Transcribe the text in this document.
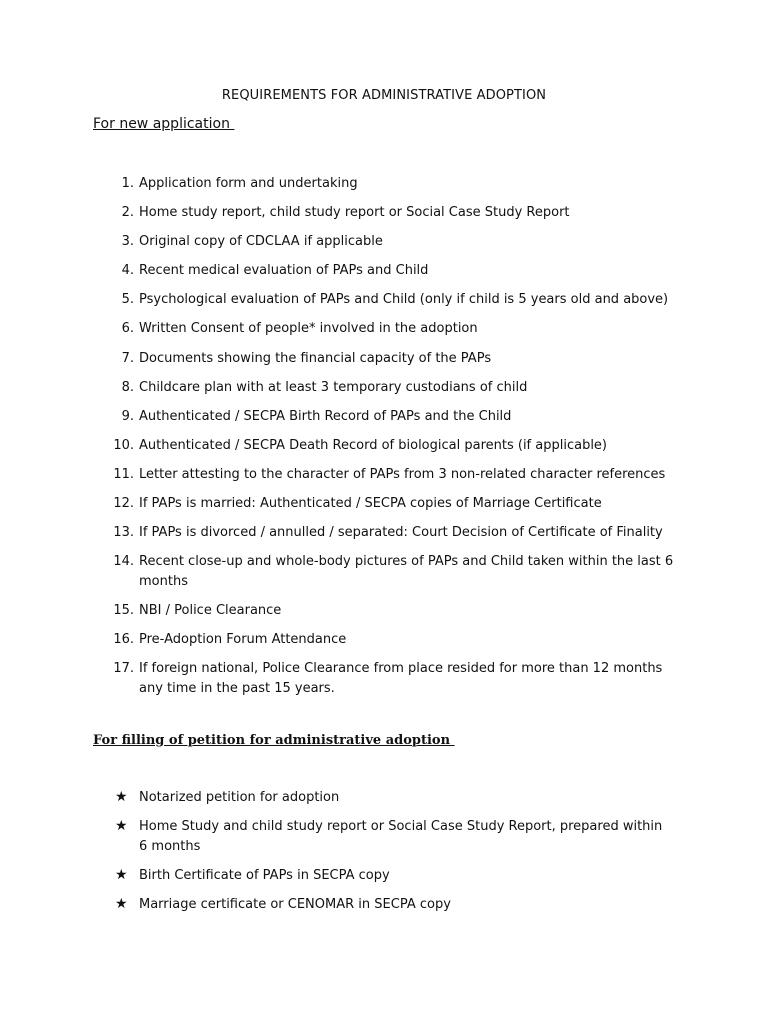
REQUIREMENTS FOR ADMINISTRATIVE ADOPTION
For new application
1. Application form and undertaking
2. Home study report, child study report or Social Case Study Report
3. Original copy of CDCLAA if applicable
4. Recent medical evaluation of PAPs and Child
5. Psychological evaluation of PAPs and Child (only if child is 5 years old and above)
6. Written Consent of people* involved in the adoption
7. Documents showing the financial capacity of the PAPs
8. Childcare plan with at least 3 temporary custodians of child
9. Authenticated / SECPA Birth Record of PAPs and the Child
10. Authenticated / SECPA Death Record of biological parents (if applicable)
11. Letter attesting to the character of PAPs from 3 non-related character references
12. If PAPs is married: Authenticated / SECPA copies of Marriage Certificate
13. If PAPs is divorced / annulled / separated: Court Decision of Certificate of Finality
14. Recent close-up and whole-body pictures of PAPs and Child taken within the last 6 months
15. NBI / Police Clearance
16. Pre-Adoption Forum Attendance
17. If foreign national, Police Clearance from place resided for more than 12 months any time in the past 15 years.
For filling of petition for administrative adoption
★ Notarized petition for adoption
★ Home Study and child study report or Social Case Study Report, prepared within 6 months
★ Birth Certificate of PAPs in SECPA copy
★ Marriage certificate or CENOMAR in SECPA copy
